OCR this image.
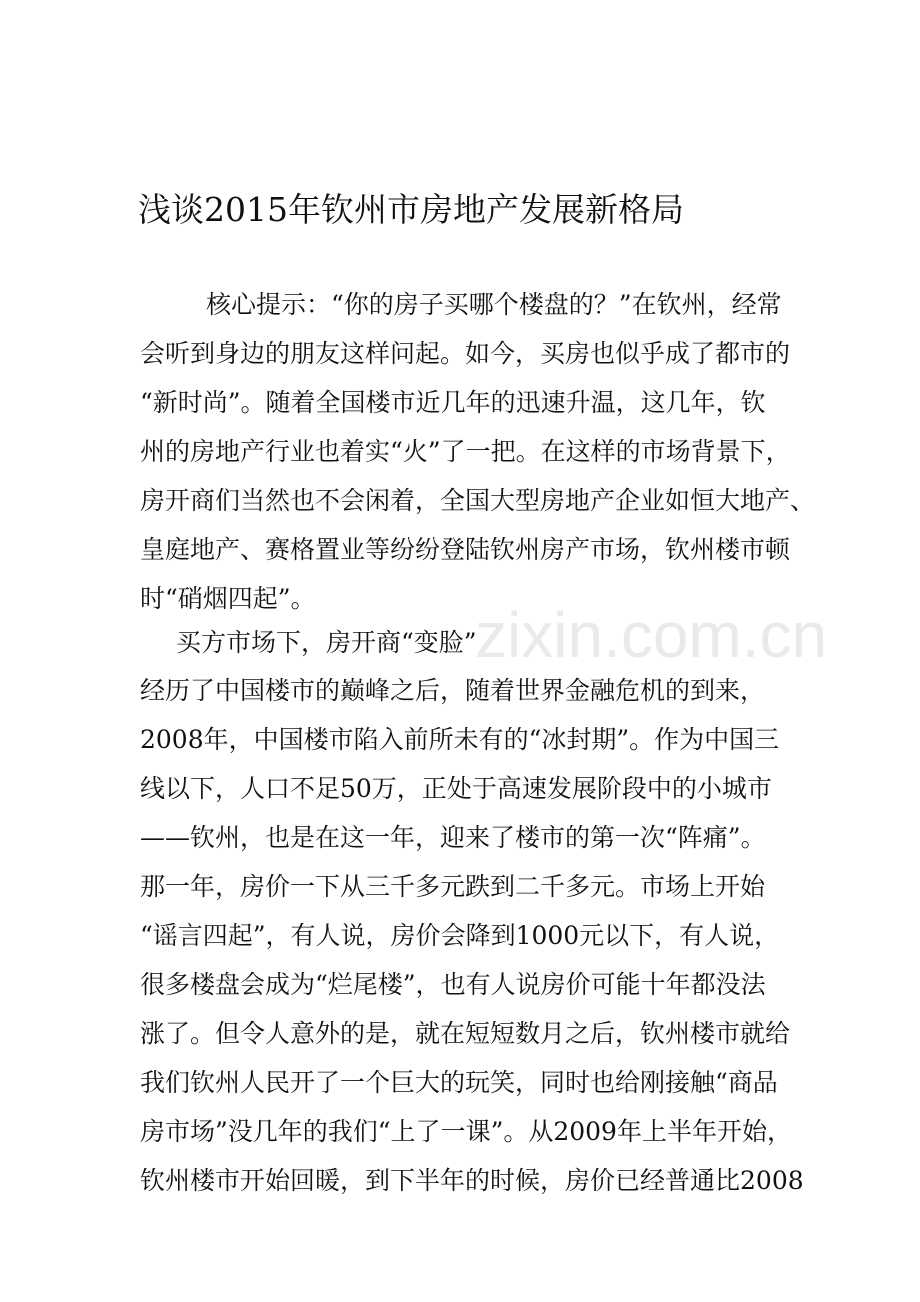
浅谈2015年钦州市房地产发展新格局
zixin.com.cn
核心提示：“你的房子买哪个楼盘的？”在钦州，经常
会听到身边的朋友这样问起。如今，买房也似乎成了都市的
“新时尚”。随着全国楼市近几年的迅速升温，这几年，钦
州的房地产行业也着实“火”了一把。在这样的市场背景下，
房开商们当然也不会闲着，全国大型房地产企业如恒大地产、
皇庭地产、赛格置业等纷纷登陆钦州房产市场，钦州楼市顿
时“硝烟四起”。
买方市场下，房开商“变脸”
经历了中国楼市的巅峰之后，随着世界金融危机的到来，
2008年，中国楼市陷入前所未有的“冰封期”。作为中国三
线以下，人口不足50万，正处于高速发展阶段中的小城市
——钦州，也是在这一年，迎来了楼市的第一次“阵痛”。
那一年，房价一下从三千多元跌到二千多元。市场上开始
“谣言四起”，有人说，房价会降到1000元以下，有人说，
很多楼盘会成为“烂尾楼”，也有人说房价可能十年都没法
涨了。但令人意外的是，就在短短数月之后，钦州楼市就给
我们钦州人民开了一个巨大的玩笑，同时也给刚接触“商品
房市场”没几年的我们“上了一课”。从2009年上半年开始，
钦州楼市开始回暖，到下半年的时候，房价已经普通比2008
